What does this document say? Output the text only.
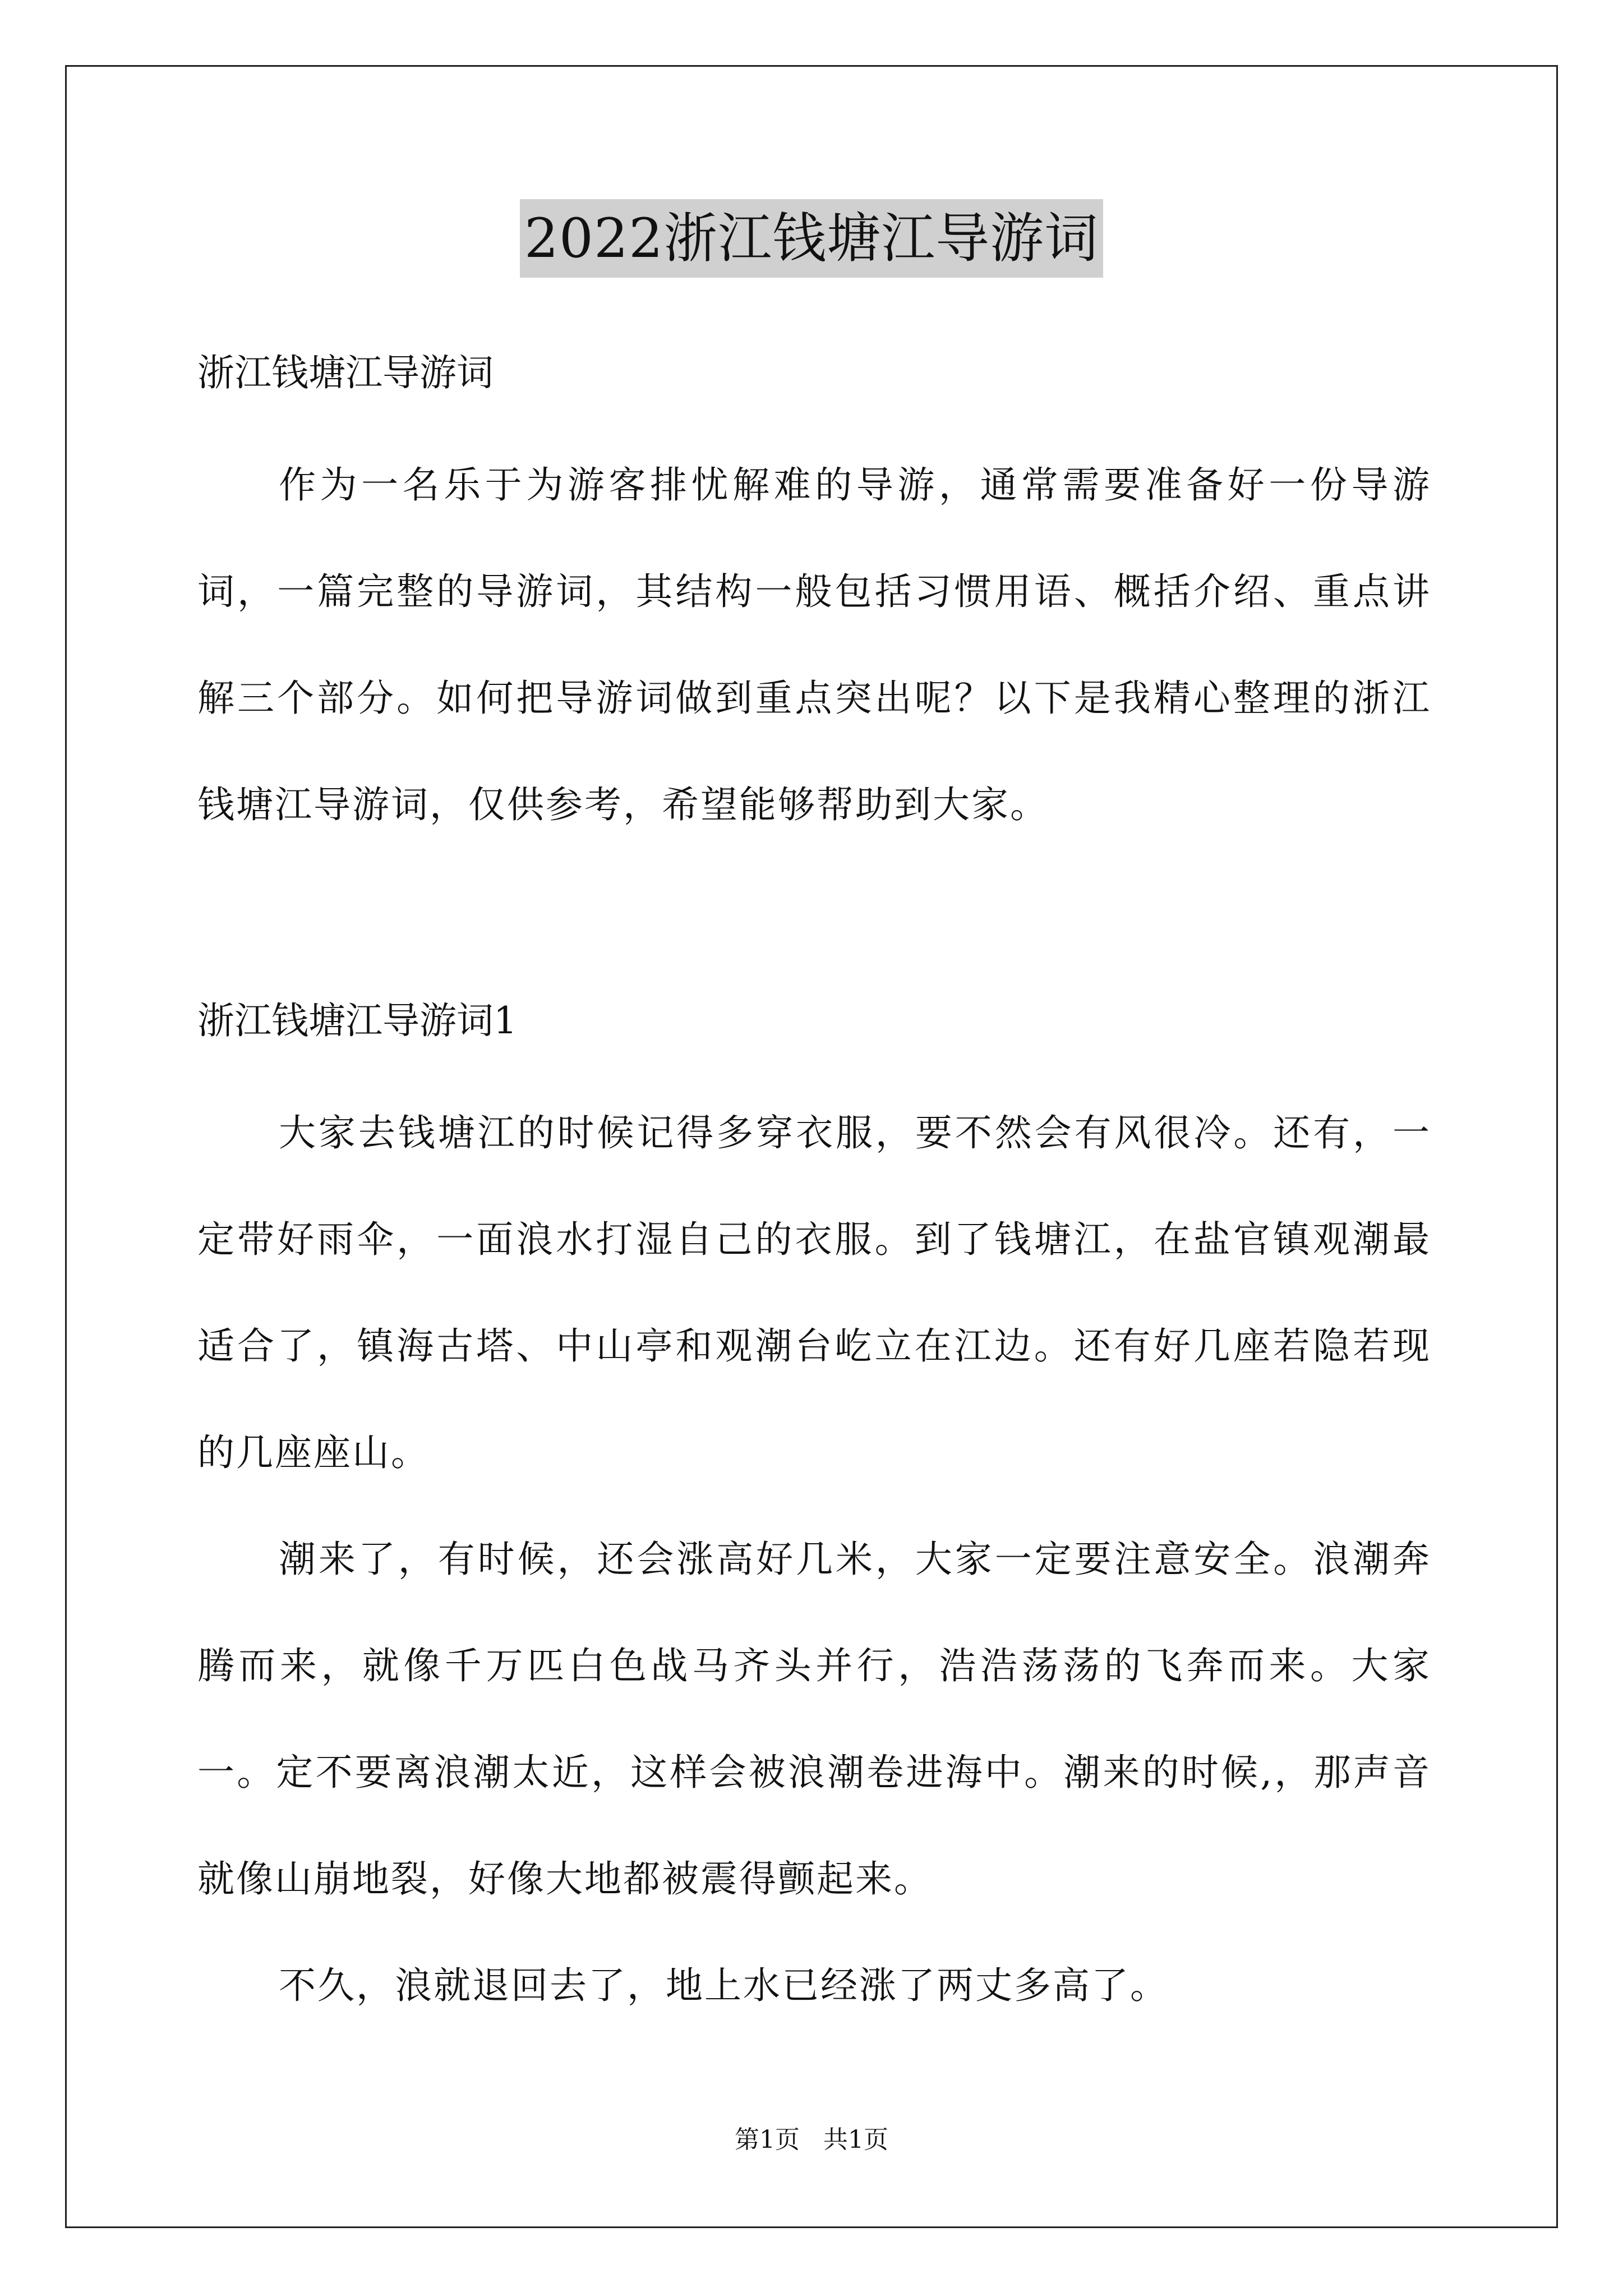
2022浙江钱塘江导游词
浙江钱塘江导游词

作为一名乐于为游客排忧解难的导游，通常需要准备好一份导游词，一篇完整的导游词，其结构一般包括习惯用语、概括介绍、重点讲解三个部分。如何把导游词做到重点突出呢？以下是我精心整理的浙江钱塘江导游词，仅供参考，希望能够帮助到大家。

浙江钱塘江导游词1

大家去钱塘江的时候记得多穿衣服，要不然会有风很冷。还有，一定带好雨伞，一面浪水打湿自己的衣服。到了钱塘江，在盐官镇观潮最适合了，镇海古塔、中山亭和观潮台屹立在江边。还有好几座若隐若现的几座座山。

潮来了，有时候，还会涨高好几米，大家一定要注意安全。浪潮奔腾而来，就像千万匹白色战马齐头并行，浩浩荡荡的飞奔而来。大家一。定不要离浪潮太近，这样会被浪潮卷进海中。潮来的时候,，那声音就像山崩地裂，好像大地都被震得颤起来。

不久，浪就退回去了，地上水已经涨了两丈多高了。

第1页 共1页
